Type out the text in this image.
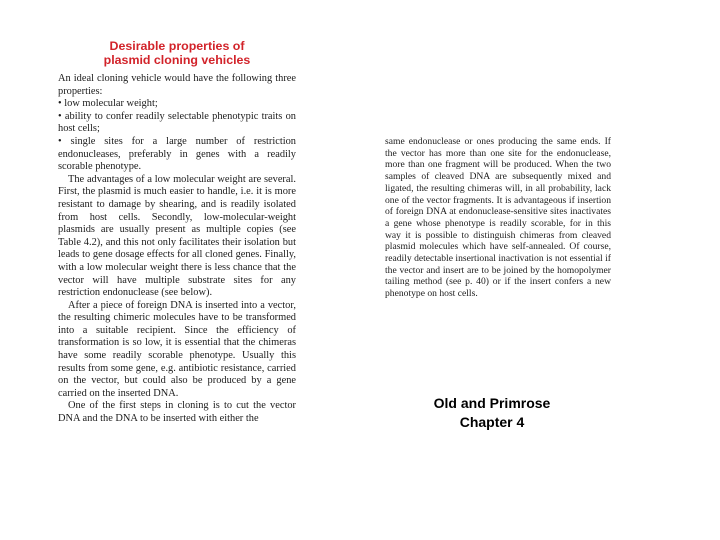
Desirable properties of
plasmid cloning vehicles

An ideal cloning vehicle would have the following three properties:

• low molecular weight;

• ability to confer readily selectable phenotypic traits on host cells;

• single sites for a large number of restriction endonucleases, preferably in genes with a readily scorable phenotype.

The advantages of a low molecular weight are several. First, the plasmid is much easier to handle, i.e. it is more resistant to damage by shearing, and is readily isolated from host cells. Secondly, low-molecular-weight plasmids are usually present as multiple copies (see Table 4.2), and this not only facilitates their isolation but leads to gene dosage effects for all cloned genes. Finally, with a low molecular weight there is less chance that the vector will have multiple substrate sites for any restriction endonuclease (see below).

After a piece of foreign DNA is inserted into a vector, the resulting chimeric molecules have to be transformed into a suitable recipient. Since the efficiency of transformation is so low, it is essential that the chimeras have some readily scorable phenotype. Usually this results from some gene, e.g. antibiotic resistance, carried on the vector, but could also be produced by a gene carried on the inserted DNA.

One of the first steps in cloning is to cut the vector DNA and the DNA to be inserted with either the

same endonuclease or ones producing the same ends. If the vector has more than one site for the endonuclease, more than one fragment will be produced. When the two samples of cleaved DNA are subsequently mixed and ligated, the resulting chimeras will, in all probability, lack one of the vector fragments. It is advantageous if insertion of foreign DNA at endonuclease-sensitive sites inactivates a gene whose phenotype is readily scorable, for in this way it is possible to distinguish chimeras from cleaved plasmid molecules which have self-annealed. Of course, readily detectable insertional inactivation is not essential if the vector and insert are to be joined by the homopolymer tailing method (see p. 40) or if the insert confers a new phenotype on host cells.

Old and Primrose
Chapter 4
